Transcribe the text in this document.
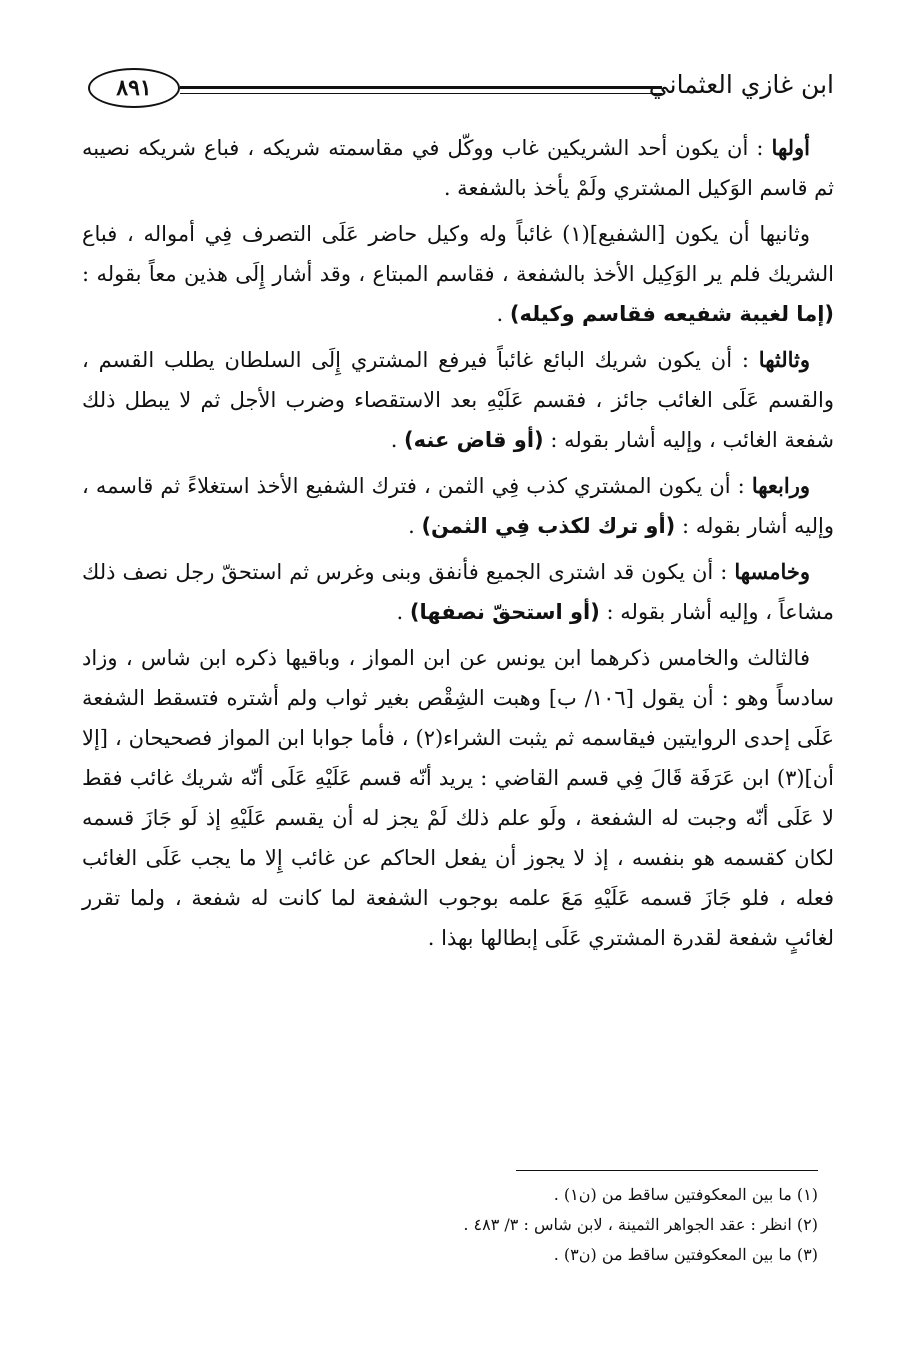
٨٩١	ابن غازي العثماني

أولها : أن يكون أحد الشريكين غاب ووكّل في مقاسمته شريكه ، فباع شريكه نصيبه ثم قاسم الوَكيل المشتري ولَمْ يأخذ بالشفعة .

وثانيها أن يكون [الشفيع](١) غائباً وله وكيل حاضر عَلَى التصرف فِي أمواله ، فباع الشريك فلم ير الوَكِيل الأخذ بالشفعة ، فقاسم المبتاع ، وقد أشار إِلَى هذين معاً بقوله : (إما لغيبة شفيعه فقاسم وكيله) .

وثالثها : أن يكون شريك البائع غائباً فيرفع المشتري إِلَى السلطان يطلب القسم ، والقسم عَلَى الغائب جائز ، فقسم عَلَيْهِ بعد الاستقصاء وضرب الأجل ثم لا يبطل ذلك شفعة الغائب ، وإليه أشار بقوله : (أو قاض عنه) .

ورابعها : أن يكون المشتري كذب فِي الثمن ، فترك الشفيع الأخذ استغلاءً ثم قاسمه ، وإليه أشار بقوله : (أو ترك لكذب فِي الثمن) .

وخامسها : أن يكون قد اشترى الجميع فأنفق وبنى وغرس ثم استحقّ رجل نصف ذلك مشاعاً ، وإليه أشار بقوله : (أو استحقّ نصفها) .

فالثالث والخامس ذكرهما ابن يونس عن ابن المواز ، وباقيها ذكره ابن شاس ، وزاد سادساً وهو : أن يقول [١٠٦/ ب] وهبت الشِقْص بغير ثواب ولم أشتره فتسقط الشفعة عَلَى إحدى الروايتين فيقاسمه ثم يثبت الشراء(٢) ، فأما جوابا ابن المواز فصحيحان ، [إلا أن](٣) ابن عَرَفَة قَالَ فِي قسم القاضي : يريد أنّه قسم عَلَيْهِ عَلَى أنّه شريك غائب فقط لا عَلَى أنّه وجبت له الشفعة ، ولَو علم ذلك لَمْ يجز له أن يقسم عَلَيْهِ إذ لَو جَازَ قسمه لكان كقسمه هو بنفسه ، إذ لا يجوز أن يفعل الحاكم عن غائب إِلا ما يجب عَلَى الغائب فعله ، فلو جَازَ قسمه عَلَيْهِ مَعَ علمه بوجوب الشفعة لما كانت له شفعة ، ولما تقرر لغائبٍ شفعة لقدرة المشتري عَلَى إبطالها بهذا .

(١) ما بين المعكوفتين ساقط من (ن١) .

(٢) انظر : عقد الجواهر الثمينة ، لابن شاس : ٣/ ٤٨٣ .

(٣) ما بين المعكوفتين ساقط من (ن٣) .
